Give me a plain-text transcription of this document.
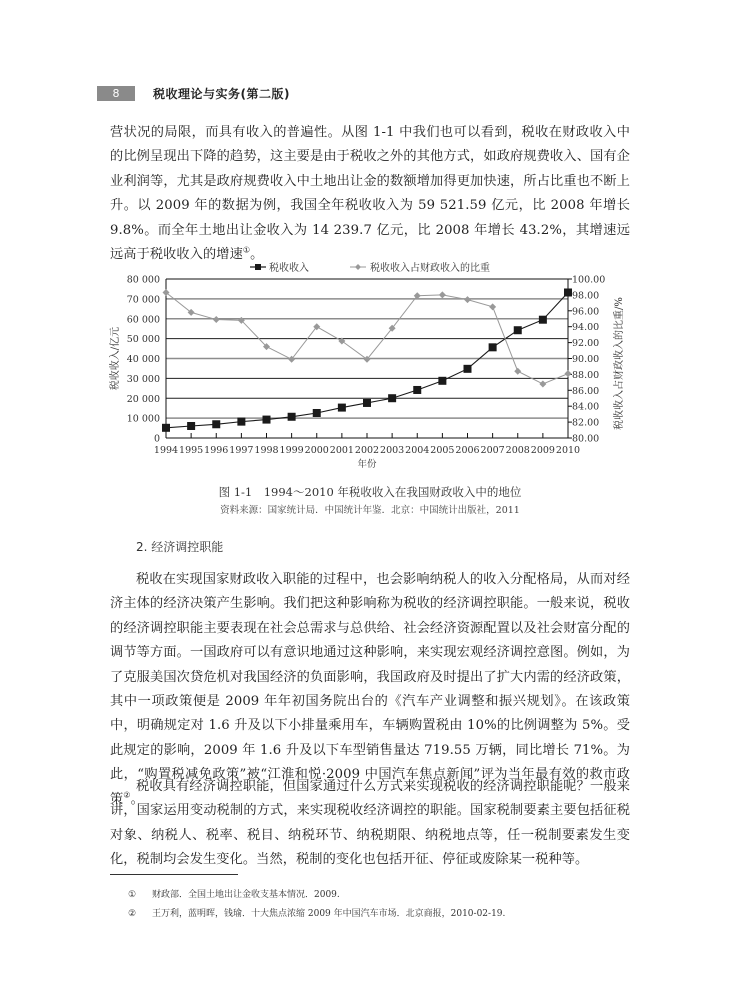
8	税收理论与实务(第二版)

营状况的局限，而具有收入的普遍性。从图 1-1 中我们也可以看到，税收在财政收入中的比例呈现出下降的趋势，这主要是由于税收之外的其他方式，如政府规费收入、国有企业利润等，尤其是政府规费收入中土地出让金的数额增加得更加快速，所占比重也不断上升。以 2009 年的数据为例，我国全年税收收入为 59 521.59 亿元，比 2008 年增长 9.8%。而全年土地出让金收入为 14 239.7 亿元，比 2008 年增长 43.2%，其增速远远高于税收收入的增速①。

税收收入	税收收入占财政收入的比重
1994 1995 1996 1997 1998 1999 2000 2001 2002 2003 2004 2005 2006 2007 2008 2009 2010
0
10 000
20 000
30 000
40 000
50 000
60 000
70 000
80 000
80.00
82.00
84.00
86.00
88.00
90.00
92.00
94.00
96.00
98.00
100.00
年份
税收收入/亿元	税收收入占财政收入的比重/%
图 1-1　1994～2010 年税收收入在我国财政收入中的地位
资料来源：国家统计局．中国统计年鉴．北京：中国统计出版社，2011
2. 经济调控职能

税收在实现国家财政收入职能的过程中，也会影响纳税人的收入分配格局，从而对经济主体的经济决策产生影响。我们把这种影响称为税收的经济调控职能。一般来说，税收的经济调控职能主要表现在社会总需求与总供给、社会经济资源配置以及社会财富分配的调节等方面。一国政府可以有意识地通过这种影响，来实现宏观经济调控意图。例如，为了克服美国次贷危机对我国经济的负面影响，我国政府及时提出了扩大内需的经济政策，其中一项政策便是 2009 年年初国务院出台的《汽车产业调整和振兴规划》。在该政策中，明确规定对 1.6 升及以下小排量乘用车，车辆购置税由 10%的比例调整为 5%。受此规定的影响，2009 年 1.6 升及以下车型销售量达 719.55 万辆，同比增长 71%。为此，“购置税减免政策”被“江淮和悦·2009 中国汽车焦点新闻”评为当年最有效的救市政策②。

税收具有经济调控职能，但国家通过什么方式来实现税收的经济调控职能呢？一般来讲，国家运用变动税制的方式，来实现税收经济调控的职能。国家税制要素主要包括征税对象、纳税人、税率、税目、纳税环节、纳税期限、纳税地点等，任一税制要素发生变化，税制均会发生变化。当然，税制的变化也包括开征、停征或废除某一税种等。

① 财政部．全国土地出让金收支基本情况．2009.
② 王万利，蓝明晖，钱瑜．十大焦点浓缩 2009 年中国汽车市场．北京商报，2010-02-19.
